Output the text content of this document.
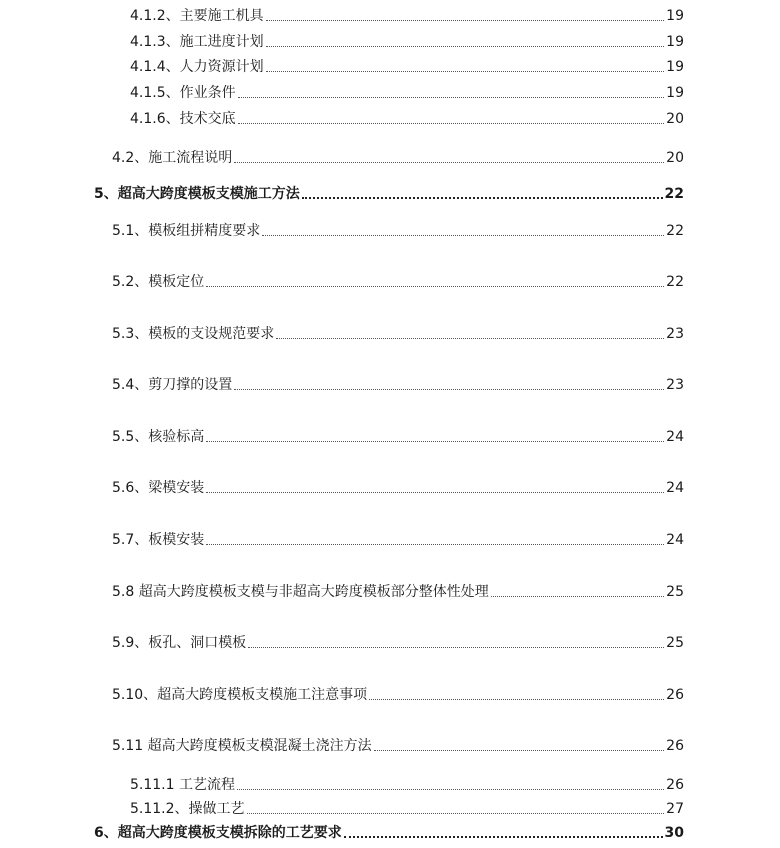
4.1.2、主要施工机具	19
4.1.3、施工进度计划	19
4.1.4、人力资源计划	19
4.1.5、作业条件	19
4.1.6、技术交底	20
4.2、施工流程说明	20
5、超高大跨度模板支模施工方法	22
5.1、模板组拼精度要求	22
5.2、模板定位	22
5.3、模板的支设规范要求	23
5.4、剪刀撑的设置	23
5.5、核验标高	24
5.6、梁模安装	24
5.7、板模安装	24
5.8 超高大跨度模板支模与非超高大跨度模板部分整体性处理	25
5.9、板孔、洞口模板	25
5.10、超高大跨度模板支模施工注意事项	26
5.11 超高大跨度模板支模混凝土浇注方法	26
5.11.1 工艺流程	26
5.11.2、操做工艺	27
6、超高大跨度模板支模拆除的工艺要求	30
